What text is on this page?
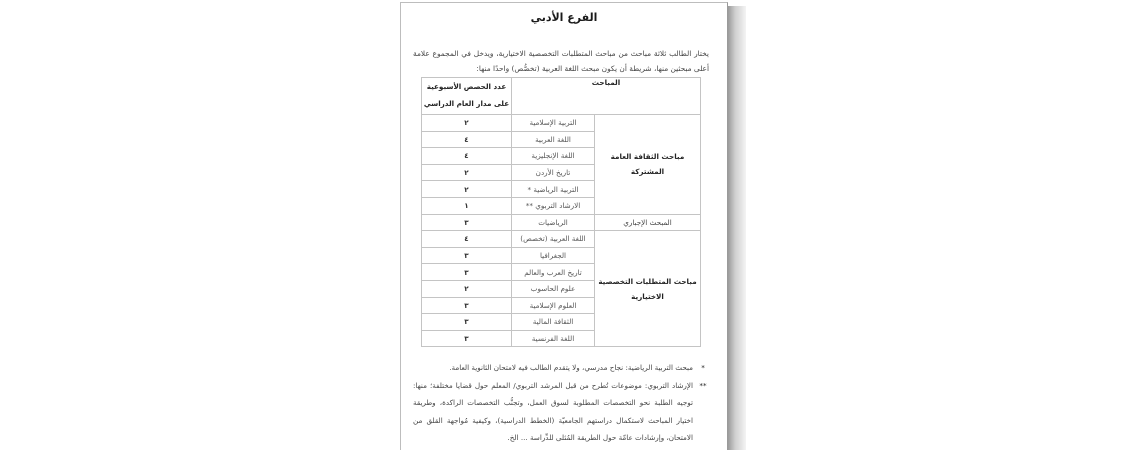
الفرع الأدبي
يختار الطالب ثلاثة مباحث من مباحث المتطلبات التخصصية الاختيارية، ويدخل في المجموع علامة أعلى مبحثين منها، شريطة أن يكون مبحث اللغة العربية (تخصُّص) واحدًا منها:
المباحث		عدد الحصص الأسبوعية
على مدار العام الدراسي

مباحث الثقافة العامة المشتركة	التربية الإسلامية	٢
	اللغة العربية	٤
	اللغة الإنجليزية	٤
	تاريخ الأردن	٢
	التربية الرياضية *	٢
	الارشاد التربوي **	١
المبحث الإجباري	الرياضيات	٣
مباحث المتطلبات التخصصية الاختيارية	اللغة العربية (تخصص)	٤
	الجغرافيا	٣
	تاريخ العرب والعالم	٣
	علوم الحاسوب	٢
	العلوم الإسلامية	٣
	الثقافة المالية	٣
	اللغة الفرنسية	٣
*
مبحث التربية الرياضية: نجاح مدرسي، ولا يتقدم الطالب فيه لامتحان الثانوية العامة.
**
الإرشاد التربوي: موضوعات تُطرح من قبل المرشد التربوي/ المعلم حول قضايا مختلفة؛ منها: توجيه الطلبة نحو التخصصات المطلوبة لسوق العمل، وتجنُّب التخصصات الراكدة، وطريقة اختيار المباحث لاستكمال دراستهم الجامعيّة (الخطط الدراسية)، وكيفية مُواجهة القلق من الامتحان، وإرشادات عامّة حول الطريقة المُثلى للدِّراسة ... الخ.
